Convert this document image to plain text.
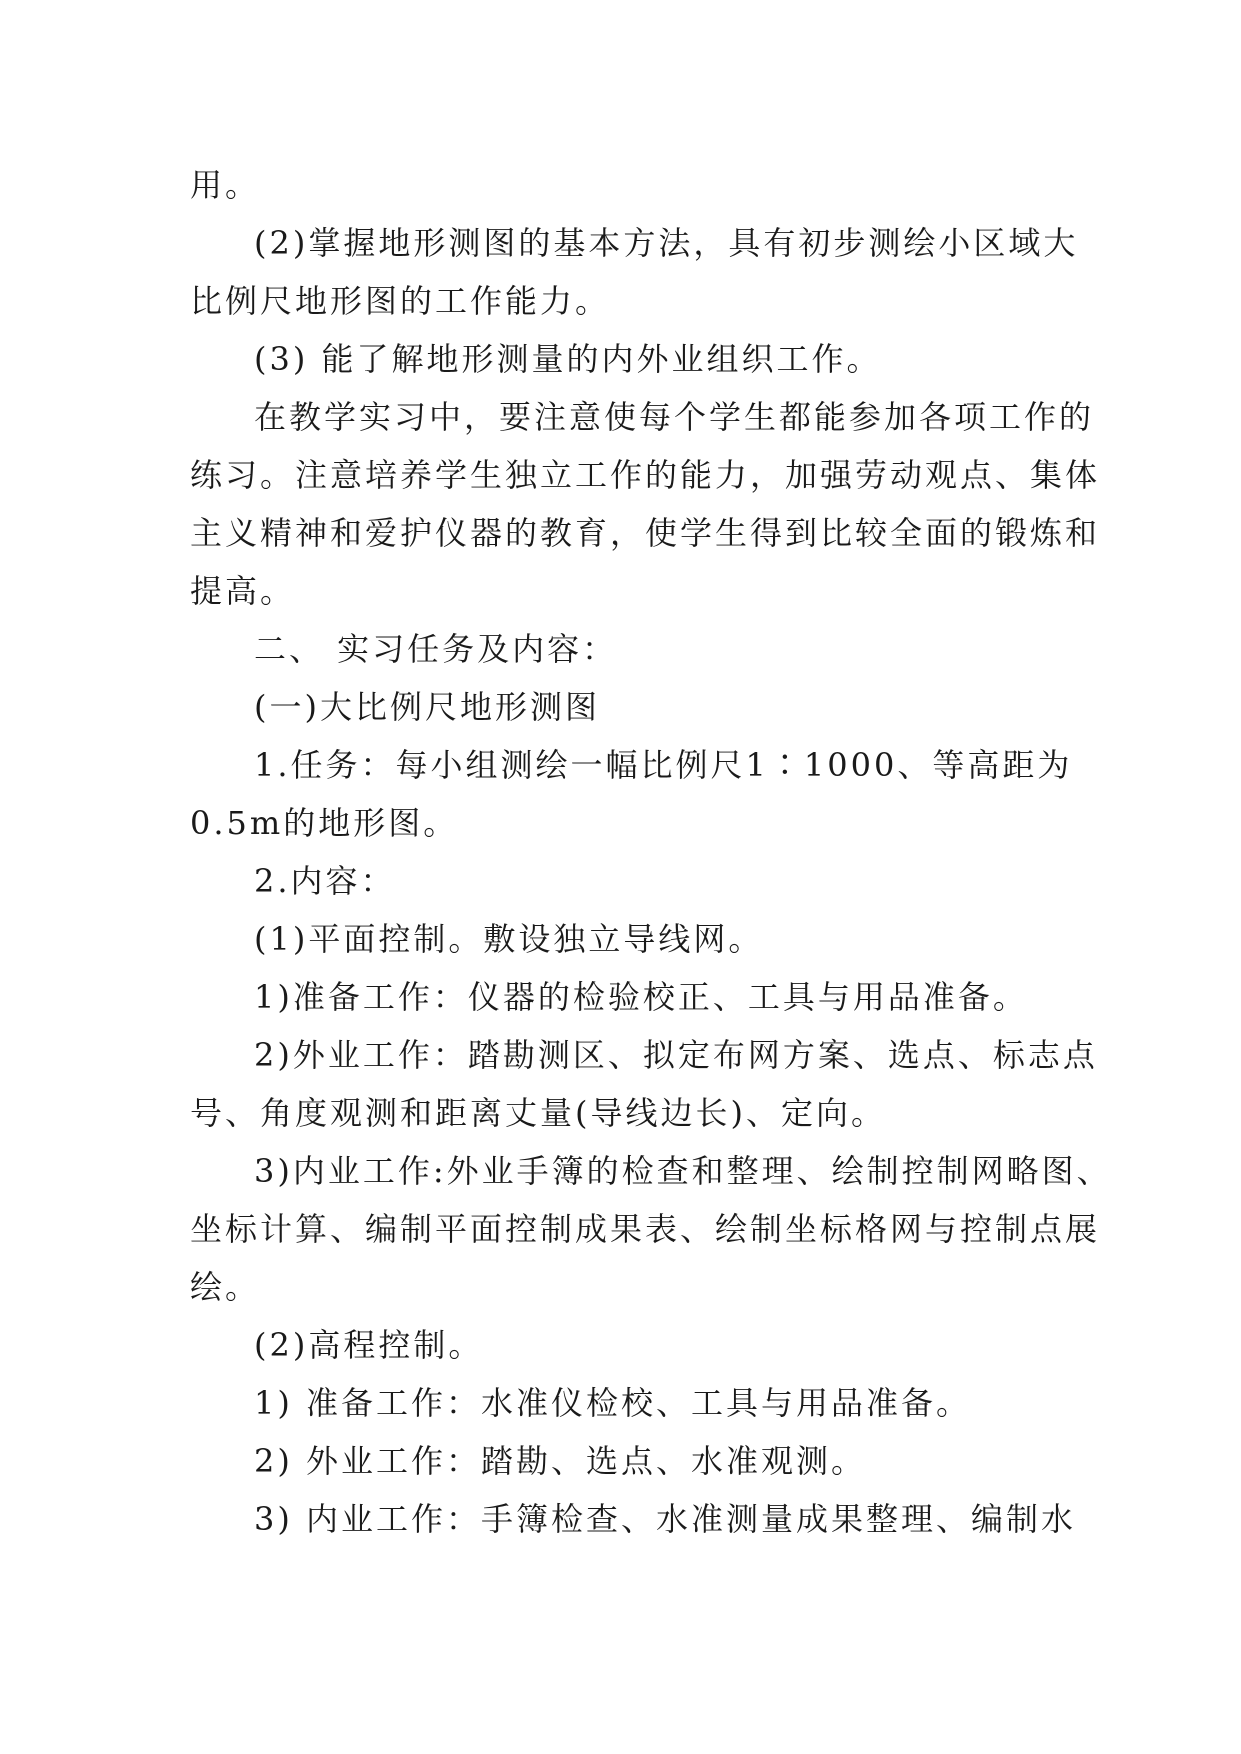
用。
(2)掌握地形测图的基本方法，具有初步测绘小区域大
比例尺地形图的工作能力。
(3) 能了解地形测量的内外业组织工作。
在教学实习中，要注意使每个学生都能参加各项工作的
练习。注意培养学生独立工作的能力，加强劳动观点、集体
主义精神和爱护仪器的教育，使学生得到比较全面的锻炼和
提高。
二、 实习任务及内容：
(一)大比例尺地形测图
1.任务：每小组测绘一幅比例尺1∶1000、等高距为
0.5m的地形图。
2.内容：
(1)平面控制。敷设独立导线网。
1)准备工作：仪器的检验校正、工具与用品准备。
2)外业工作：踏勘测区、拟定布网方案、选点、标志点
号、角度观测和距离丈量(导线边长)、定向。
3)内业工作:外业手簿的检查和整理、绘制控制网略图、
坐标计算、编制平面控制成果表、绘制坐标格网与控制点展
绘。
(2)高程控制。
1) 准备工作：水准仪检校、工具与用品准备。
2) 外业工作：踏勘、选点、水准观测。
3) 内业工作：手簿检查、水准测量成果整理、编制水
